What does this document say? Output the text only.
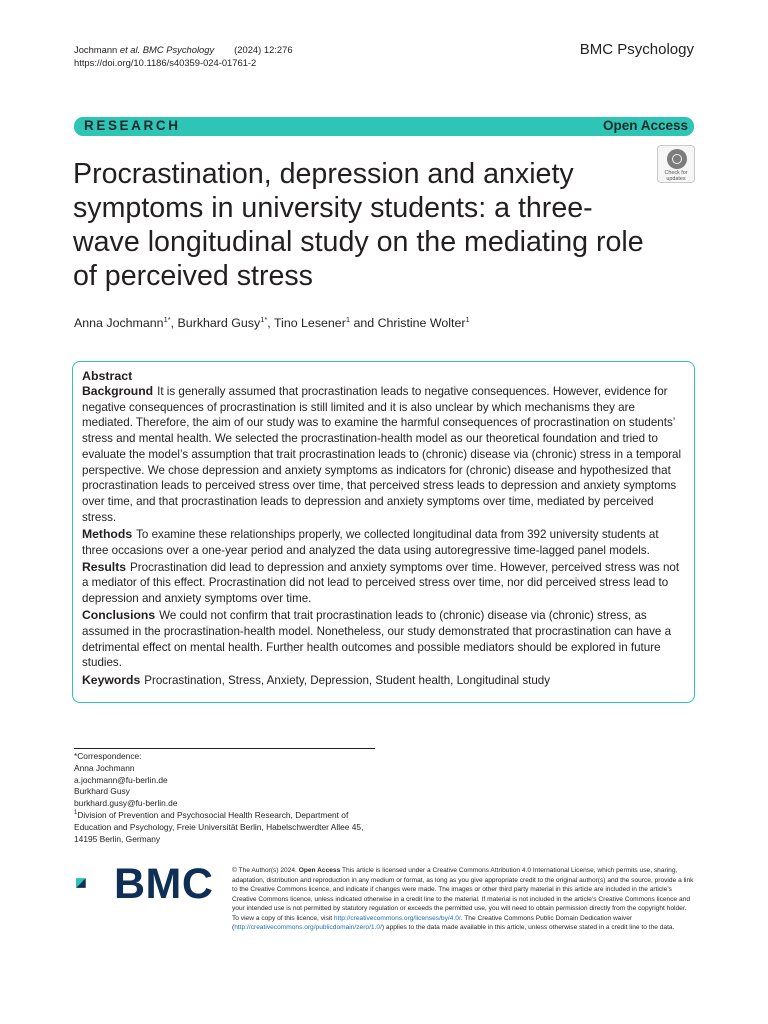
Jochmann et al. BMC Psychology (2024) 12:276
https://doi.org/10.1186/s40359-024-01761-2
BMC Psychology
RESEARCH	Open Access
Check for
updates
Procrastination, depression and anxiety symptoms in university students: a three-wave longitudinal study on the mediating role of perceived stress
Anna Jochmann$^{1*}$, Burkhard Gusy$^{1*}$, Tino Lesener$^1$ and Christine Wolter$^1$
Abstract

Background It is generally assumed that procrastination leads to negative consequences. However, evidence for negative consequences of procrastination is still limited and it is also unclear by which mechanisms they are mediated. Therefore, the aim of our study was to examine the harmful consequences of procrastination on students’ stress and mental health. We selected the procrastination-health model as our theoretical foundation and tried to evaluate the model’s assumption that trait procrastination leads to (chronic) disease via (chronic) stress in a temporal perspective. We chose depression and anxiety symptoms as indicators for (chronic) disease and hypothesized that procrastination leads to perceived stress over time, that perceived stress leads to depression and anxiety symptoms over time, and that procrastination leads to depression and anxiety symptoms over time, mediated by perceived stress.

Methods To examine these relationships properly, we collected longitudinal data from 392 university students at three occasions over a one-year period and analyzed the data using autoregressive time-lagged panel models.

Results Procrastination did lead to depression and anxiety symptoms over time. However, perceived stress was not a mediator of this effect. Procrastination did not lead to perceived stress over time, nor did perceived stress lead to depression and anxiety symptoms over time.

Conclusions We could not confirm that trait procrastination leads to (chronic) disease via (chronic) stress, as assumed in the procrastination-health model. Nonetheless, our study demonstrated that procrastination can have a detrimental effect on mental health. Further health outcomes and possible mediators should be explored in future studies.

Keywords Procrastination, Stress, Anxiety, Depression, Student health, Longitudinal study

*Correspondence:
Anna Jochmann
a.jochmann@fu-berlin.de
Burkhard Gusy
burkhard.gusy@fu-berlin.de
$^1$Division of Prevention and Psychosocial Health Research, Department of Education and Psychology, Freie Universität Berlin, Habelschwerdter Allee 45, 14195 Berlin, Germany
BMC	© The Author(s) 2024. Open Access This article is licensed under a Creative Commons Attribution 4.0 International License, which permits use, sharing, adaptation, distribution and reproduction in any medium or format, as long as you give appropriate credit to the original author(s) and the source, provide a link to the Creative Commons licence, and indicate if changes were made. The images or other third party material in this article are included in the article’s Creative Commons licence, unless indicated otherwise in a credit line to the material. If material is not included in the article’s Creative Commons licence and your intended use is not permitted by statutory regulation or exceeds the permitted use, you will need to obtain permission directly from the copyright holder. To view a copy of this licence, visit http://creativecommons.org/licenses/by/4.0/. The Creative Commons Public Domain Dedication waiver (http://creativecommons.org/publicdomain/zero/1.0/) applies to the data made available in this article, unless otherwise stated in a credit line to the data.
